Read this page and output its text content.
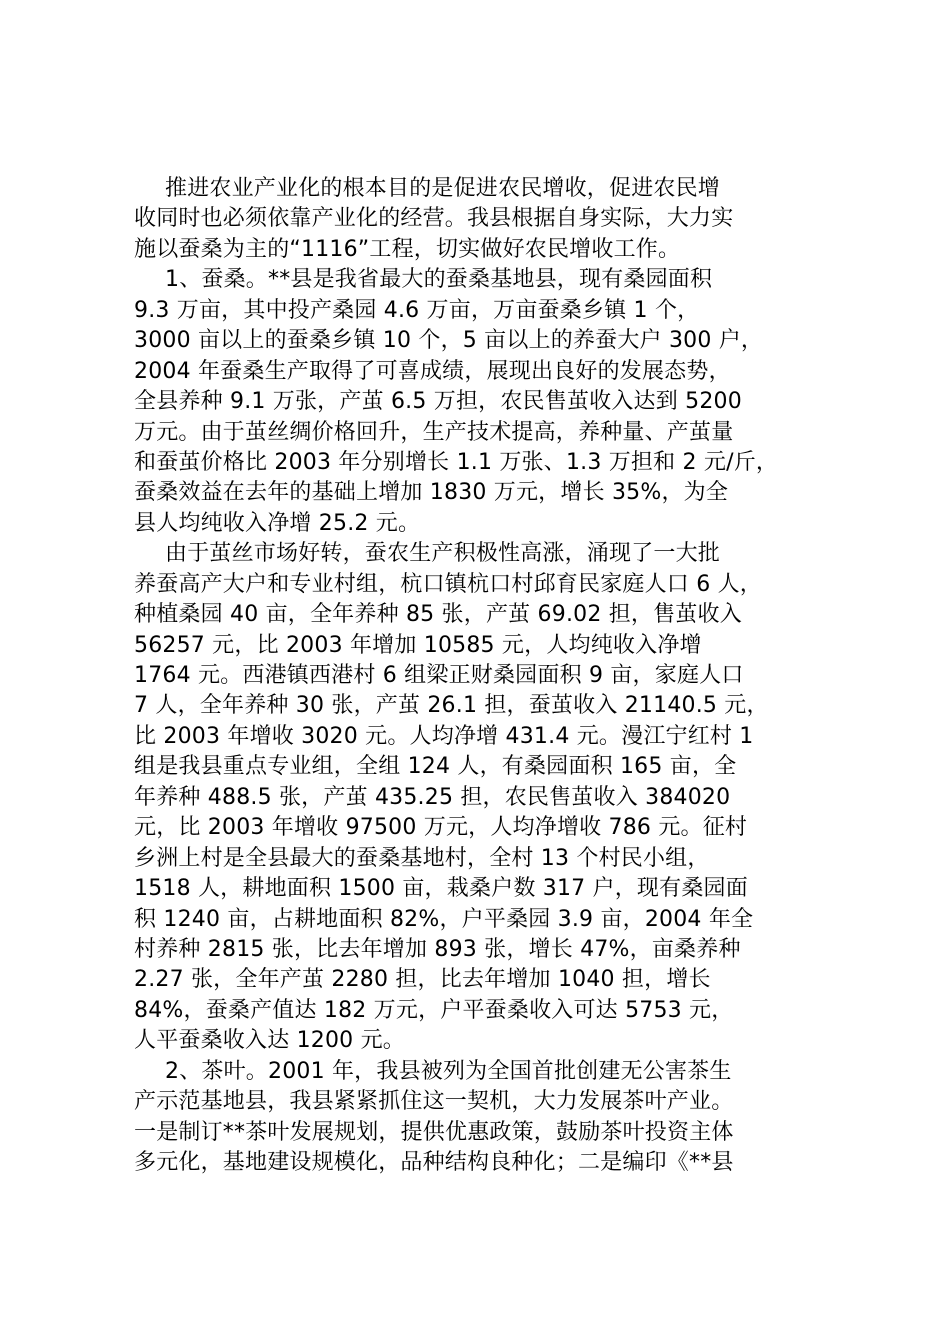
推进农业产业化的根本目的是促进农民增收，促进农民增
收同时也必须依靠产业化的经营。我县根据自身实际，大力实
施以蚕桑为主的“1116”工程，切实做好农民增收工作。
1、蚕桑。**县是我省最大的蚕桑基地县，现有桑园面积
9.3 万亩，其中投产桑园 4.6 万亩，万亩蚕桑乡镇 1 个，
3000 亩以上的蚕桑乡镇 10 个，5 亩以上的养蚕大户 300 户，
2004 年蚕桑生产取得了可喜成绩，展现出良好的发展态势，
全县养种 9.1 万张，产茧 6.5 万担，农民售茧收入达到 5200
万元。由于茧丝绸价格回升，生产技术提高，养种量、产茧量
和蚕茧价格比 2003 年分别增长 1.1 万张、1.3 万担和 2 元/斤，
蚕桑效益在去年的基础上增加 1830 万元，增长 35%，为全
县人均纯收入净增 25.2 元。
由于茧丝市场好转，蚕农生产积极性高涨，涌现了一大批
养蚕高产大户和专业村组，杭口镇杭口村邱育民家庭人口 6 人，
种植桑园 40 亩，全年养种 85 张，产茧 69.02 担，售茧收入
56257 元，比 2003 年增加 10585 元，人均纯收入净增
1764 元。西港镇西港村 6 组梁正财桑园面积 9 亩，家庭人口
7 人，全年养种 30 张，产茧 26.1 担，蚕茧收入 21140.5 元，
比 2003 年增收 3020 元。人均净增 431.4 元。漫江宁红村 1
组是我县重点专业组，全组 124 人，有桑园面积 165 亩，全
年养种 488.5 张，产茧 435.25 担，农民售茧收入 384020
元，比 2003 年增收 97500 万元，人均净增收 786 元。征村
乡洲上村是全县最大的蚕桑基地村，全村 13 个村民小组，
1518 人，耕地面积 1500 亩，栽桑户数 317 户，现有桑园面
积 1240 亩，占耕地面积 82%，户平桑园 3.9 亩，2004 年全
村养种 2815 张，比去年增加 893 张，增长 47%，亩桑养种
2.27 张，全年产茧 2280 担，比去年增加 1040 担，增长
84%，蚕桑产值达 182 万元，户平蚕桑收入可达 5753 元，
人平蚕桑收入达 1200 元。
2、茶叶。2001 年，我县被列为全国首批创建无公害茶生
产示范基地县，我县紧紧抓住这一契机，大力发展茶叶产业。
一是制订**茶叶发展规划，提供优惠政策，鼓励茶叶投资主体
多元化，基地建设规模化，品种结构良种化；二是编印《**县
